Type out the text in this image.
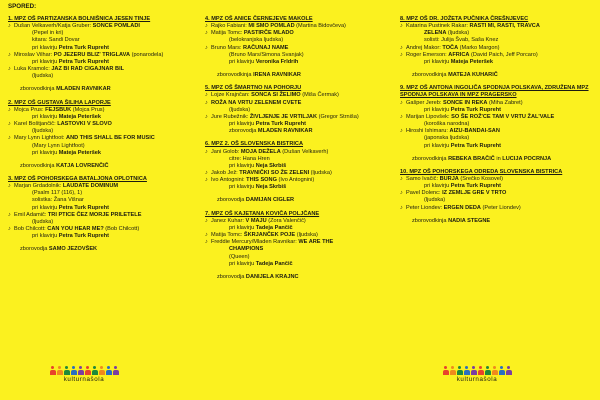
SPORED:
1. MPZ OŠ PARTIZANSKA BOLNIŠNICA JESEN TINJE
♪ Dušan Velkaverh/Katja Gruber: SONCE POMLADI
(Pepel in kri)
kitara: Sandi Dovar
pri klavirju Petra Turk Rupreht
♪ Miroslav Vilhar: PO JEZERU BLIZ' TRIGLAVA (ponarodela)
pri klavirju Petra Turk Rupreht
♪ Luka Kramolc: JAZ BI RAD CIGAJNAR BIL
(ljudska)
zborovodkinja MLADEN RAVNIKAR
2. MPZ OŠ GUSTAVA ŠILIHA LAPORJE
♪ Mojca Prus: FEJSBUK (Mojca Prus)
pri klavirju Mateja Peteršek
♪ Karel Boštjančič: LASTOVKI V SLOVO
(ljudska)
♪ Mary Lynn Lightfoot: AND THIS SHALL BE FOR MUSIC
(Mary Lynn Lightfoot)
pri klavirju Mateja Peteršek
zborovodkinja KATJA LOVRENČIČ
3. MPZ OŠ POHORSKEGA BATALJONA OPLOTNICA
♪ Marjan Grdadolnik: LAUDATE DOMINUM
(Psalm 117 (116), 1)
solistka: Žana Višnar
pri klavirju Petra Turk Rupreht
♪ Emil Adamič: TRI PTICE ČEZ MORJE PRILETELE
(ljudska)
♪ Bob Chilcott: CAN YOU HEAR ME? (Bob Chilcott)
pri klavirju Petra Turk Rupreht
zborovodja SAMO JEZOVŠEK
4. MPZ OŠ ANICE ČERNEJEVE MAKOLE
♪ Rajko Fabiani: MI SMO POMLAD (Martina Bidovčeva)
♪ Matija Tomc: PASTIRČE MLADO
(belokranjska ljudska)
♪ Bruno Mars: RAČUNAJ NAME
(Bruno Mars/Simona Svanjak)
pri klavirju Veronika Frldrih
zborovodkinja IRENA RAVNIKAR
5. MPZ OŠ ŠMARTNO NA POHORJU
♪ Lojze Krajnčan: SONCA SI ŽELIMO (Miša Čermak)
♪ ROŽA NA VRTU ZELENEM CVETE
(ljudska)
♪ Jure Rubežnik: ŽIVLJENJE JE VRTILJAK (Gregor Strniša)
pri klavirju Petra Turk Rupreht
zborovodja MLADEN RAVNIKAR
6. MPZ 2. OŠ SLOVENSKA BISTRICA
♪ Jani Golob: MOJA DEŽELA (Dušan Velkaverh)
citre: Hana Hren
pri klavirju Neja Skrbiš
♪ Jakob Jež: TRAVNIČKI SO ŽE ZELENI (ljudska)
♪ Ivo Antognini: THIS SONG (Ivo Antognini)
pri klavirju Neja Skrbiš
zborovodja DAMIJAN CIGLER
7. MPZ OŠ KAJETANA KOVIČA POLJČANE
♪ Janez Kuhar: V MAJU (Zora Valenčič)
pri klavirju Tadeja Pančič
♪ Matija Tomc: ŠKRJANČEK POJE (ljudska)
♪ Freddie Mercury/Mladen Ravnikar: WE ARE THE
CHAMPIONS
(Queen)
pri klavirju Tadeja Pančič
zborovodja DANIJELA KRAJNC
8. MPZ OŠ DR. JOŽETA PUČNIKA ČREŠNJEVEC
♪ Katarina Pustinek Rakar: RASTI MI, RASTI, TRAVCA
ZELENA (ljudska)
solisti: Julija Švab, Saša Knez
♪ Andrej Makor: TOČA (Marko Margon)
♪ Roger Emerson: AFRICA (David Paich, Jeff Porcaro)
pri klavirju Mateja Peteršek
zborovodkinja MATEJA KUHARIČ
9. MPZ OŠ ANTONA INGOLIČA SPODNJA POLSKAVA, ZDRUŽENA MPZ SPODNJA POLSKAVA IN MPZ PRAGERSKO
♪ Gašper Jereb: SONCE IN REKA (Miha Zabret)
pri klavirju Petra Turk Rupreht
♪ Marijan Lipovšek: SO ŠE ROŽ'CE TAM V VRTU ŽAL'VALE
(koroška narodna)
♪ Hiroshi Ishimaru: AIZU-BANDAI-SAN
(japonska ljudska)
pri klavirju Petra Turk Rupreht
zborovodkinja REBEKA BRAČIČ in LUCIJA POCRNJA
10. MPZ OŠ POHORSKEGA ODREDA SLOVENSKA BISTRICA
♪ Samo Ivačič: BURJA (Srečko Kosovel)
pri klavirju Petra Turk Rupreht
♪ Pavel Dolenc: IZ ZEMLJE GRE V TRTO
(ljudska)
♪ Peter Liondev: ERGEN DEDA (Peter Liondev)
zborovodkinja NADIA STEGNE
kulturnašola	kulturnašola
